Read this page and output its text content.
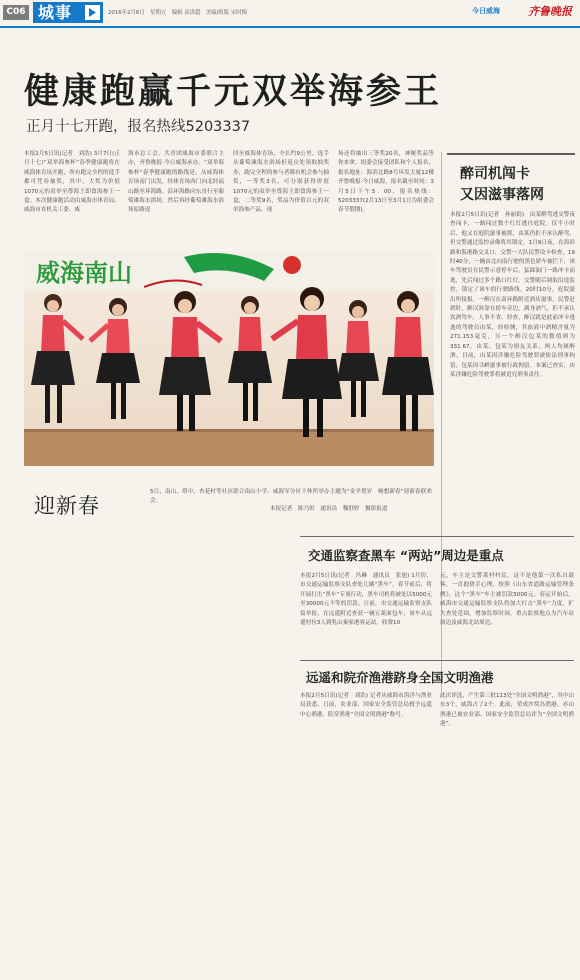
C06 城事	2016年2月6日　星期五　编辑 高洪超　美编/组版 宋时梅	今日威海	齐鲁晚报
健康跑赢千元双举海参王
正月十七开跑，报名热线5203337
本报2月5日讯(记者　刘浩) 3月7日(正月十七)“双举海参杯”春季健康跑将在威海体育场开跑，所有跑完全程的选手都可凭券抽奖，其中，大奖为价值1070元的双举至尊海王即食海参王一盒。本次健康跑活动由威海市体育局、威海市直机关工委、威
海市总工会、共青团威海市委联合主办，齐鲁晚报·今日威海承办。“双举海参杯”春季健康跑的路线是，从威海体育场南门出发，经体育场西门向北经福山路至环海路，沿环海路向东直行至葡萄滩海水浴场，然后再经葡萄滩海水浴场原路返
回至威海体育场，全长约9公里。选手从葡萄滩海水浴场折返点处领取抽奖券，跑完全程的参与者都有机会参与抽奖，一等奖3名，可分别获得价值1070元的双举至尊海王即食海参王一盒，二等奖9名，奖品为价值百元的双举海参产品，现
场还将抽出三等奖20名，神秘奖品等你来拿。组委会接受团队和个人报名，报名地址：海滨北路8号环发大厦12楼齐鲁晚报·今日威海，报名截至时间：3月5日下午5：00，报名热线：5203337(2月13日至3月1日为组委会春节假期)。
醉司机闯卡
又因滋事落网
本报2月5日讯(记者　孙丽娟)　由某醉驾逃交警夜查闯卡，一路闯过数个红灯逃往庭院。仅半小时后，他又在庭院滋事被抓，由某仍拒不承认醉驾，但交警通过监控录像将其锁定。1月9日夜，在海滨路和海港路交叉口，交警一大队民警设卡检查，19时40分，一辆由北向南行驶的黑色轿车被拦下，该车驾驶员在民警示意停车后，猛踩油门一路冲卡而逃，先后闯过多个路口红灯。交警随后调取沿途监控，锁定了该车的行驶路线。20时10分，庭院派出所接报，一醉汉在南环路附近酒店滋事，民警赶到时，醉汉斜靠在轿车旁边，满身酒气，拒不承认饮酒驾车，人事不省。经查，醉汉就是此前冲卡逃逸的驾驶员由某，经检测，其血液中酒精含量为271.153毫克，另一个醉汉包某的数值则为331.67。由某、包某为朋友关系，两人均属醉酒。目前，由某因涉嫌危险驾驶罪被依法刑事拘留，包某因寻衅滋事被行政拘留。本案已查实，由某涉嫌危险驾驶罪将被追究刑事责任。
威海南山
迎新春
5日，南山、塔中、杏花村等社区联合南山小学、威海军分区干休所举办主题为“金羊贺岁　畅想新春”迎新春联欢会。
本报记者　陈乃彰　通讯员　穆舒婷　摄影报道
交通监察查黑车 “两站”周边是重点
本报2月5日讯(记者　冯琳　通讯员　张旭) 1月份，市交通运输监察支队查处几辆“黑车”，春节前后，将开展打击“黑车”专项行动，黑车司机将被处以5000元至30000元不等的罚款。日前，市交通运输监察支队接举报，在远遥附近查获一辆五菱面包车，该车从远遥村拉3人到乳山秦家港客运站，收费10
元，车主是交警莱村村民，这不是他第一次私自载客，一直抱侥幸心理，按照《山东省道路运输管理条例》，这个“黑车”车主被罚款5000元。春运开始后，威海市交通运输监察支队将加大打击“黑车”力度，扩大查处范围，增加监察时间，重点监察地点为汽车站周边及威海北站周边。
远遥和院夼渔港跻身全国文明渔港
本报2月5日讯(记者　刘浩) 记者从威海市海洋与渔业局获悉，日前，农业部、国家安全监管总局授予远遥中心渔港、院夼渔港“全国文明渔港”称号。
此次评选，产生第三批113处“全国文明渔港”，其中山东3个，威海占了2个。此前，荣成沙窝岛渔港、赤山渔港已被农业部、国家安全监管总局评为“全国文明渔港”。
